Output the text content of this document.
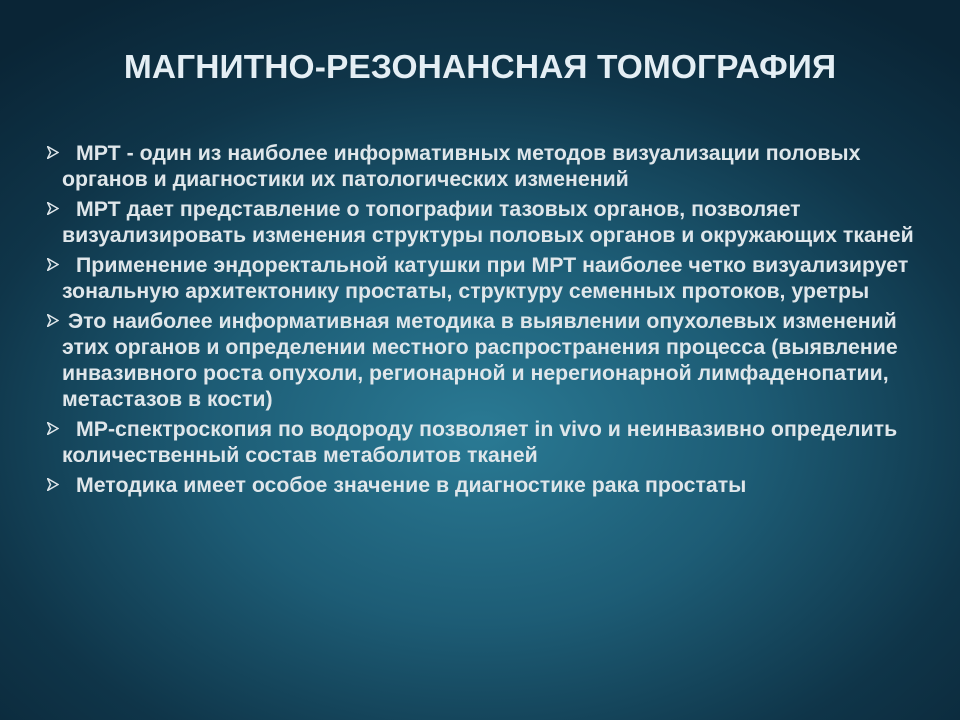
МАГНИТНО-РЕЗОНАНСНАЯ ТОМОГРАФИЯ
МРТ - один из наиболее информативных методов визуализации половых органов и диагностики их патологических изменений
МРТ дает представление о топографии тазовых органов, позволяет визуализировать изменения структуры половых органов и окружающих тканей
Применение эндоректальной катушки при МРТ наиболее четко визуализирует зональную архитектонику простаты, структуру семенных протоков, уретры
Это наиболее информативная методика в выявлении опухолевых изменений этих органов и определении местного распространения процесса (выявление инвазивного роста опухоли, регионарной и нерегионарной лимфаденопатии, метастазов в кости)
МР-спектроскопия по водороду позволяет in vivo и неинвазивно определить количественный состав метаболитов тканей
Методика имеет особое значение в диагностике рака простаты
